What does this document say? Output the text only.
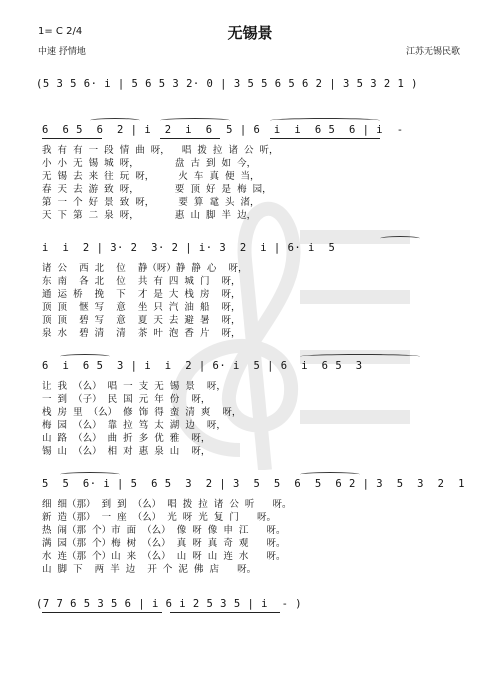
无锡景
1= C 2/4
中速 抒情地	江苏无锡民歌
(5 3 5 6· i | 5 6 5 3 2· 0 | 3 5 5 6 5 6 2 | 3 5 3 2 1 )
6  6 5  6  2 | i  2  i  6  5 | 6  i  i  6 5  6 | i  -
我  有  有  一  段  情  曲  呀，    唱  拨  拉  诸  公  听，
小  小  无  锡  城  呀，            盘  古  到  如  今，
无  锡  去  来  往  玩  呀，        火  车  真  便  当，
春  天  去  游  致  呀，            要  顶  好  是  梅  园，
第  一  个  好  景  致  呀，        要  算  鼋  头  渚，
天  下  第  二  泉  呀，            惠  山  脚  半  边，
i  i  2 | 3· 2  3· 2 | i· 3  2  i | 6· i  5
诸  公    西  北    位    静（呀）静  静  心    呀，
东  南    各  北    位    共  有  四  城  门    呀，
通  运  桥    挽    下    才  是  大  栈  房    呀，
顶  顶    惬  写    意    坐  只  汽  油  船    呀，
顶  顶    碧  写    意    夏  天  去  避  暑    呀，
泉  水    碧  清    清    茶  叶  泡  香  片    呀，
6  i  6 5  3 | i  i  2 | 6· i  5 | 6  i  6 5  3
让  我  （么）  唱  一  支  无  锡  景    呀，
一  到  （子）  民  国  元  年  份    呀，
栈  房  里  （么）  修  饰  得  蛮  清  爽    呀，
梅  园  （么）  靠  拉  笃  太  湖  边    呀，
山  路  （么）  曲  折  多  优  雅    呀，
锡  山  （么）  相  对  惠  泉  山    呀，
5  5  6· i | 5  6 5  3  2 | 3  5  5  6  5  6 2 | 3  5  3  2  1
细  细（那）  到  到  （么）  唱  拨  拉  诸  公  听      呀。
新  造（那）  一  座  （么）  光  呀  光  复  门      呀。
热  闹（那  个）市  面  （么）  像  呀  像  申  江      呀。
满  园（那  个）梅  树  （么）  真  呀  真  奇  观      呀。
水  连（那  个）山  来  （么）  山  呀  山  连  水      呀。
山  脚  下    两  半  边    开  个  泥  佛  店      呀。
(7 7 6 5 3 5 6 | i 6 i 2 5 3 5 | i  - )
